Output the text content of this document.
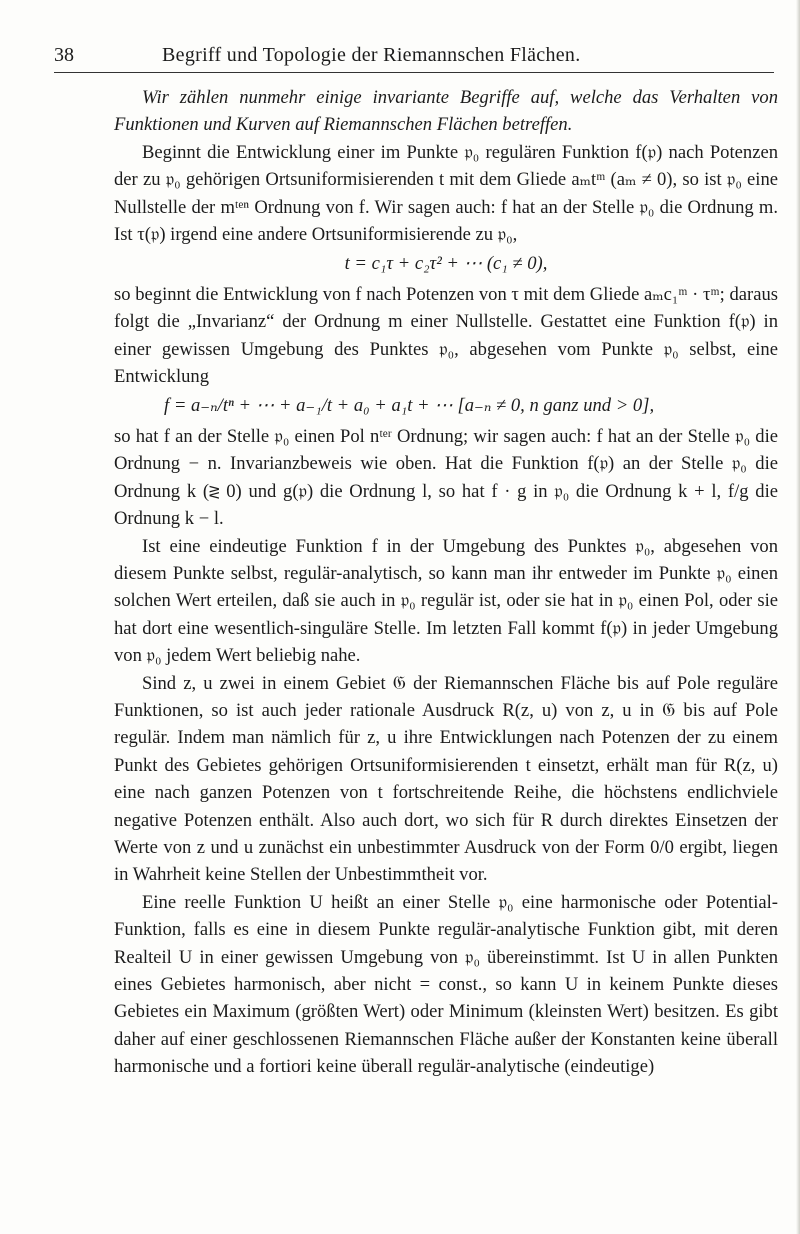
38	Begriff und Topologie der Riemannschen Flächen.

Wir zählen nunmehr einige invariante Begriffe auf, welche das Verhalten von Funktionen und Kurven auf Riemannschen Flächen betreffen.

Beginnt die Entwicklung einer im Punkte 𝔭₀ regulären Funktion f(𝔭) nach Potenzen der zu 𝔭₀ gehörigen Ortsuniformisierenden t mit dem Gliede aₘtᵐ (aₘ ≠ 0), so ist 𝔭₀ eine Nullstelle der mᵗᵉⁿ Ordnung von f. Wir sagen auch: f hat an der Stelle 𝔭₀ die Ordnung m. Ist τ(𝔭) irgend eine andere Ortsuniformisierende zu 𝔭₀,

t = c₁τ + c₂τ² + ⋯ (c₁ ≠ 0),

so beginnt die Entwicklung von f nach Potenzen von τ mit dem Gliede aₘc₁ᵐ · τᵐ; daraus folgt die „Invarianz“ der Ordnung m einer Nullstelle. Gestattet eine Funktion f(𝔭) in einer gewissen Umgebung des Punktes 𝔭₀, abgesehen vom Punkte 𝔭₀ selbst, eine Entwicklung

f = a₋ₙ/tⁿ + ⋯ + a₋₁/t + a₀ + a₁t + ⋯ [a₋ₙ ≠ 0, n ganz und > 0],

so hat f an der Stelle 𝔭₀ einen Pol nᵗᵉʳ Ordnung; wir sagen auch: f hat an der Stelle 𝔭₀ die Ordnung − n. Invarianzbeweis wie oben. Hat die Funktion f(𝔭) an der Stelle 𝔭₀ die Ordnung k (≷ 0) und g(𝔭) die Ordnung l, so hat f · g in 𝔭₀ die Ordnung k + l, f/g die Ordnung k − l.

Ist eine eindeutige Funktion f in der Umgebung des Punktes 𝔭₀, abgesehen von diesem Punkte selbst, regulär-analytisch, so kann man ihr entweder im Punkte 𝔭₀ einen solchen Wert erteilen, daß sie auch in 𝔭₀ regulär ist, oder sie hat in 𝔭₀ einen Pol, oder sie hat dort eine wesentlich-singuläre Stelle. Im letzten Fall kommt f(𝔭) in jeder Umgebung von 𝔭₀ jedem Wert beliebig nahe.

Sind z, u zwei in einem Gebiet 𝔊 der Riemannschen Fläche bis auf Pole reguläre Funktionen, so ist auch jeder rationale Ausdruck R(z, u) von z, u in 𝔊 bis auf Pole regulär. Indem man nämlich für z, u ihre Entwicklungen nach Potenzen der zu einem Punkt des Gebietes gehörigen Ortsuniformisierenden t einsetzt, erhält man für R(z, u) eine nach ganzen Potenzen von t fortschreitende Reihe, die höchstens endlichviele negative Potenzen enthält. Also auch dort, wo sich für R durch direktes Einsetzen der Werte von z und u zunächst ein unbestimmter Ausdruck von der Form 0/0 ergibt, liegen in Wahrheit keine Stellen der Unbestimmtheit vor.

Eine reelle Funktion U heißt an einer Stelle 𝔭₀ eine harmonische oder Potential-Funktion, falls es eine in diesem Punkte regulär-analytische Funktion gibt, mit deren Realteil U in einer gewissen Umgebung von 𝔭₀ übereinstimmt. Ist U in allen Punkten eines Gebietes harmonisch, aber nicht = const., so kann U in keinem Punkte dieses Gebietes ein Maximum (größten Wert) oder Minimum (kleinsten Wert) besitzen. Es gibt daher auf einer geschlossenen Riemannschen Fläche außer der Konstanten keine überall harmonische und a fortiori keine überall regulär-analytische (eindeutige)
